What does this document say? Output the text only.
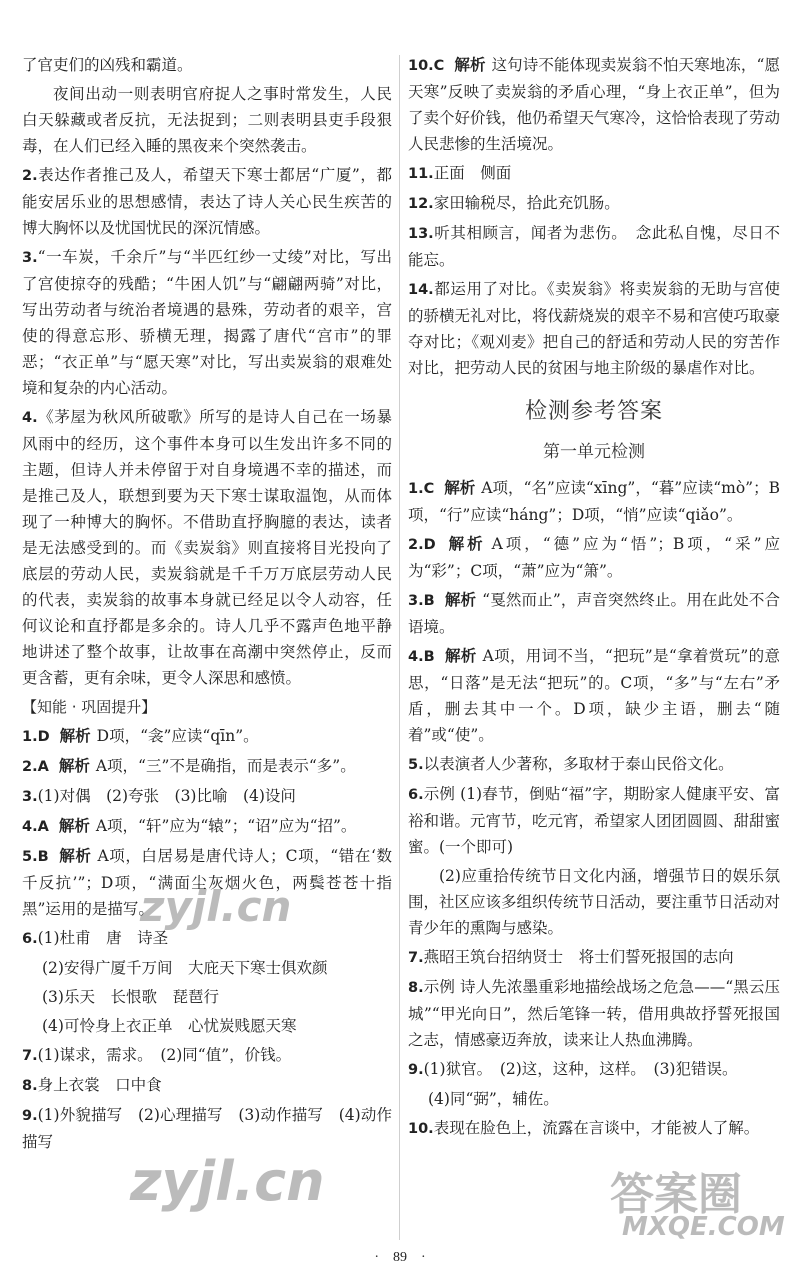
了官吏们的凶残和霸道。

夜间出动一则表明官府捉人之事时常发生，人民白天躲藏或者反抗，无法捉到；二则表明县吏手段狠毒，在人们已经入睡的黑夜来个突然袭击。

2.表达作者推己及人，希望天下寒士都居“广厦”，都能安居乐业的思想感情，表达了诗人关心民生疾苦的博大胸怀以及忧国忧民的深沉情感。

3.“一车炭，千余斤”与“半匹红纱一丈绫”对比，写出了宫使掠夺的残酷；“牛困人饥”与“翩翩两骑”对比，写出劳动者与统治者境遇的悬殊，劳动者的艰辛，宫使的得意忘形、骄横无理，揭露了唐代“宫市”的罪恶；“衣正单”与“愿天寒”对比，写出卖炭翁的艰难处境和复杂的内心活动。

4.《茅屋为秋风所破歌》所写的是诗人自己在一场暴风雨中的经历，这个事件本身可以生发出许多不同的主题，但诗人并未停留于对自身境遇不幸的描述，而是推己及人，联想到要为天下寒士谋取温饱，从而体现了一种博大的胸怀。不借助直抒胸臆的表达，读者是无法感受到的。而《卖炭翁》则直接将目光投向了底层的劳动人民，卖炭翁就是千千万万底层劳动人民的代表，卖炭翁的故事本身就已经足以令人动容，任何议论和直抒都是多余的。诗人几乎不露声色地平静地讲述了整个故事，让故事在高潮中突然停止，反而更含蓄，更有余味，更令人深思和感愤。

【知能 · 巩固提升】

1.D 解析 D项，“衾”应读“qīn”。

2.A 解析 A项，“三”不是确指，而是表示“多”。

3.(1)对偶　(2)夸张　(3)比喻　(4)设问

4.A 解析 A项，“轩”应为“辕”；“诏”应为“招”。

5.B 解析 A项，白居易是唐代诗人；C项，“错在‘数千反抗’”；D项，“满面尘灰烟火色，两鬓苍苍十指黑”运用的是描写。

6.(1)杜甫　唐　诗圣

(2)安得广厦千万间　大庇天下寒士俱欢颜

(3)乐天　长恨歌　琵琶行

(4)可怜身上衣正单　心忧炭贱愿天寒

7.(1)谋求，需求。　(2)同“值”，价钱。

8.身上衣裳　口中食

9.(1)外貌描写　(2)心理描写　(3)动作描写　(4)动作描写

10.C 解析 这句诗不能体现卖炭翁不怕天寒地冻，“愿天寒”反映了卖炭翁的矛盾心理，“身上衣正单”，但为了卖个好价钱，他仍希望天气寒冷，这恰恰表现了劳动人民悲惨的生活境况。

11.正面　侧面

12.家田输税尽，拾此充饥肠。

13.听其相顾言，闻者为悲伤。　念此私自愧，尽日不能忘。

14.都运用了对比。《卖炭翁》将卖炭翁的无助与宫使的骄横无礼对比，将伐薪烧炭的艰辛不易和宫使巧取豪夺对比；《观刈麦》把自己的舒适和劳动人民的穷苦作对比，把劳动人民的贫困与地主阶级的暴虐作对比。

检测参考答案
第一单元检测

1.C 解析 A项，“名”应读“xīng”，“暮”应读“mò”；B项，“行”应读“háng”；D项，“悄”应读“qiǎo”。

2.D 解析 A项，“德”应为“悟”；B项，“采”应为“彩”；C项，“萧”应为“箫”。

3.B 解析 “戛然而止”，声音突然终止。用在此处不合语境。

4.B 解析 A项，用词不当，“把玩”是“拿着赏玩”的意思，“日落”是无法“把玩”的。C项，“多”与“左右”矛盾，删去其中一个。D项，缺少主语，删去“随着”或“使”。

5.以表演者人少著称，多取材于泰山民俗文化。

6.示例 (1)春节，倒贴“福”字，期盼家人健康平安、富裕和谐。元宵节，吃元宵，希望家人团团圆圆、甜甜蜜蜜。(一个即可)

(2)应重拾传统节日文化内涵，增强节日的娱乐氛围，社区应该多组织传统节日活动，要注重节日活动对青少年的熏陶与感染。

7.燕昭王筑台招纳贤士　将士们誓死报国的志向

8.示例 诗人先浓墨重彩地描绘战场之危急——“黑云压城”“甲光向日”，然后笔锋一转，借用典故抒誓死报国之志，情感豪迈奔放，读来让人热血沸腾。

9.(1)狱官。　(2)这，这种，这样。　(3)犯错误。

(4)同“弼”，辅佐。

10.表现在脸色上，流露在言谈中，才能被人了解。

·　89　·
zyjl.cn
zyjl.cn	答案圈
MXQE.COM
